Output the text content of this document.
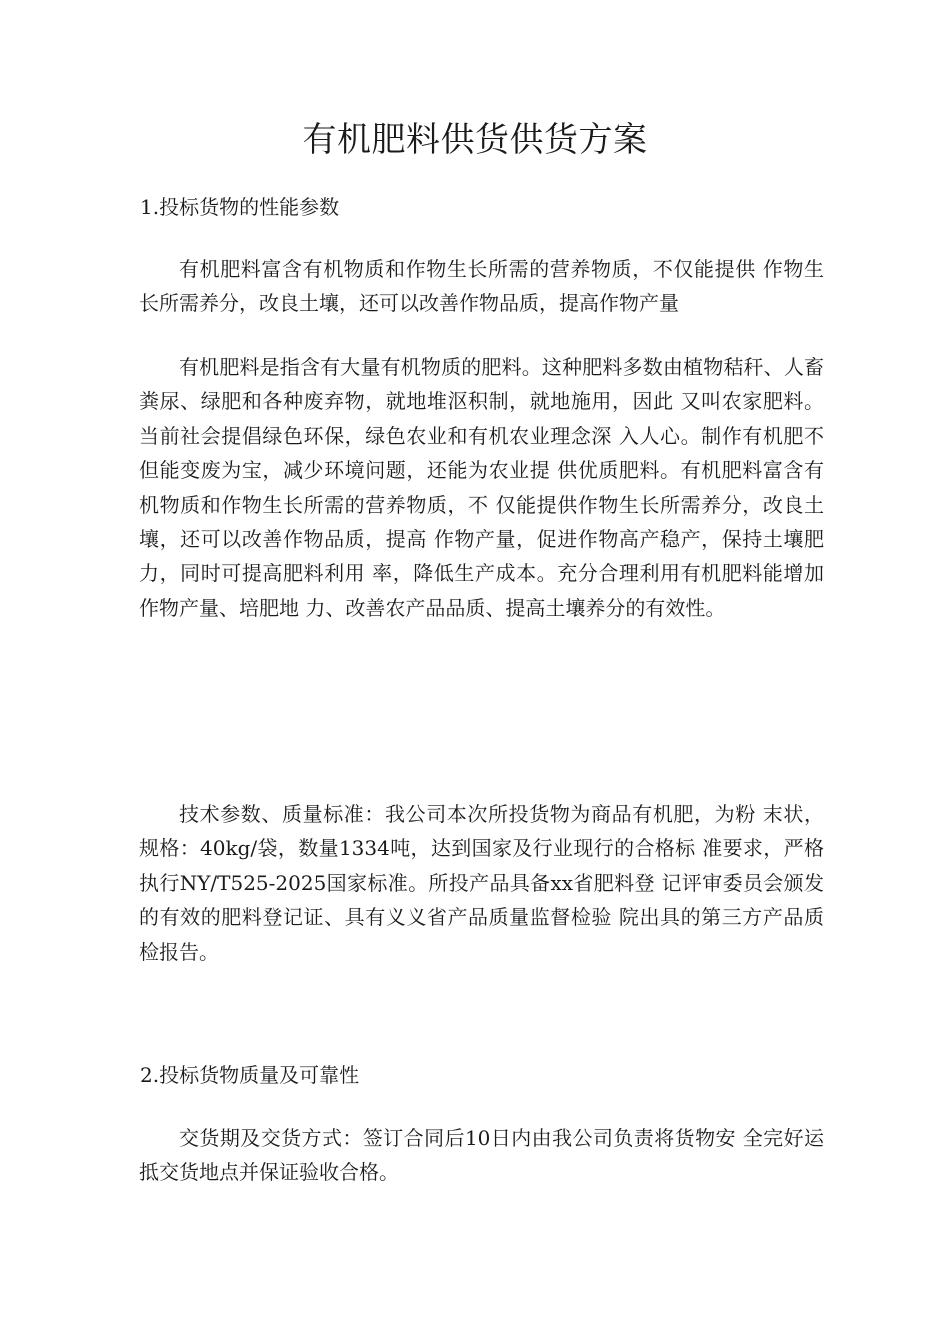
有机肥料供货供货方案
1.投标货物的性能参数

有机肥料富含有机物质和作物生长所需的营养物质，不仅能提供 作物生长所需养分，改良土壤，还可以改善作物品质，提高作物产量

有机肥料是指含有大量有机物质的肥料。这种肥料多数由植物秸秆、人畜粪尿、绿肥和各种废弃物，就地堆沤积制，就地施用，因此 又叫农家肥料。当前社会提倡绿色环保，绿色农业和有机农业理念深 入人心。制作有机肥不但能变废为宝，减少环境问题，还能为农业提 供优质肥料。有机肥料富含有机物质和作物生长所需的营养物质，不 仅能提供作物生长所需养分，改良土壤，还可以改善作物品质，提高 作物产量，促进作物高产稳产，保持土壤肥力，同时可提高肥料利用 率，降低生产成本。充分合理利用有机肥料能增加作物产量、培肥地 力、改善农产品品质、提高土壤养分的有效性。

技术参数、质量标准：我公司本次所投货物为商品有机肥，为粉 末状，规格：40kg/袋，数量1334吨，达到国家及行业现行的合格标 准要求，严格执行NY/T525-2025国家标准。所投产品具备xx省肥料登 记评审委员会颁发的有效的肥料登记证、具有义义省产品质量监督检验 院出具的第三方产品质检报告。

2.投标货物质量及可靠性

交货期及交货方式：签订合同后10日内由我公司负责将货物安 全完好运抵交货地点并保证验收合格。
